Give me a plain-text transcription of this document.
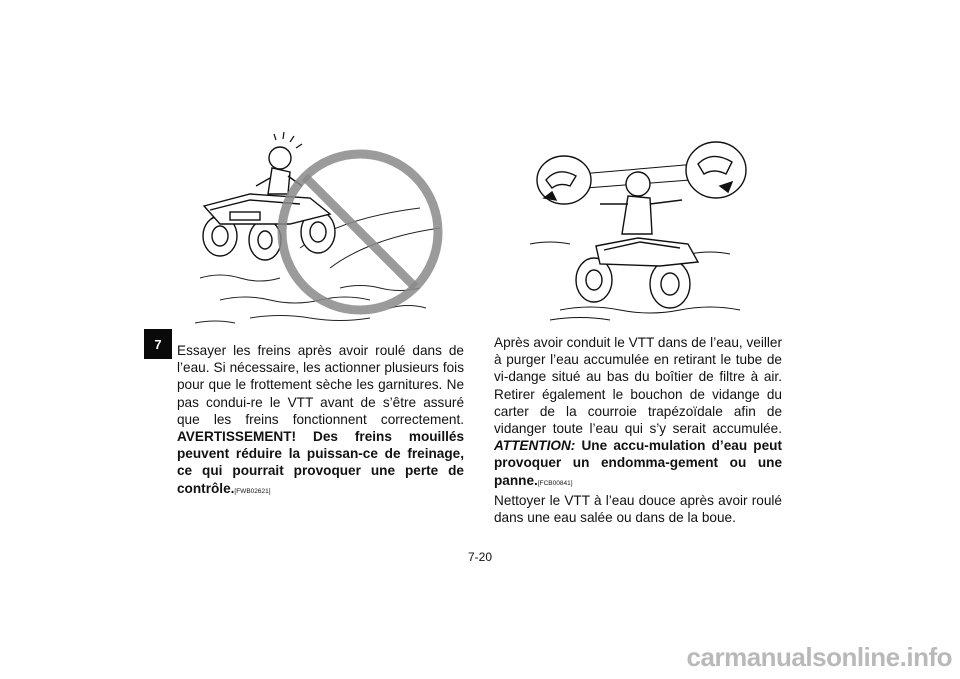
7	Essayer les freins après avoir roulé dans de l’eau. Si nécessaire, les actionner plusieurs fois pour que le frottement sèche les garnitures. Ne pas condui-re le VTT avant de s’être assuré que les freins fonctionnent correctement. AVERTISSEMENT! Des freins mouillés peuvent réduire la puissan-ce de freinage, ce qui pourrait provoquer une perte de contrôle.[FWB02621]

Après avoir conduit le VTT dans de l’eau, veiller à purger l’eau accumulée en retirant le tube de vi-dange situé au bas du boîtier de filtre à air. Retirer également le bouchon de vidange du carter de la courroie trapézoïdale afin de vidanger toute l’eau qui s’y serait accumulée. ATTENTION: Une accu-mulation d’eau peut provoquer un endomma-gement ou une panne.[FCB00841]

Nettoyer le VTT à l’eau douce après avoir roulé dans une eau salée ou dans de la boue.

7-20
carmanualsonline.info
